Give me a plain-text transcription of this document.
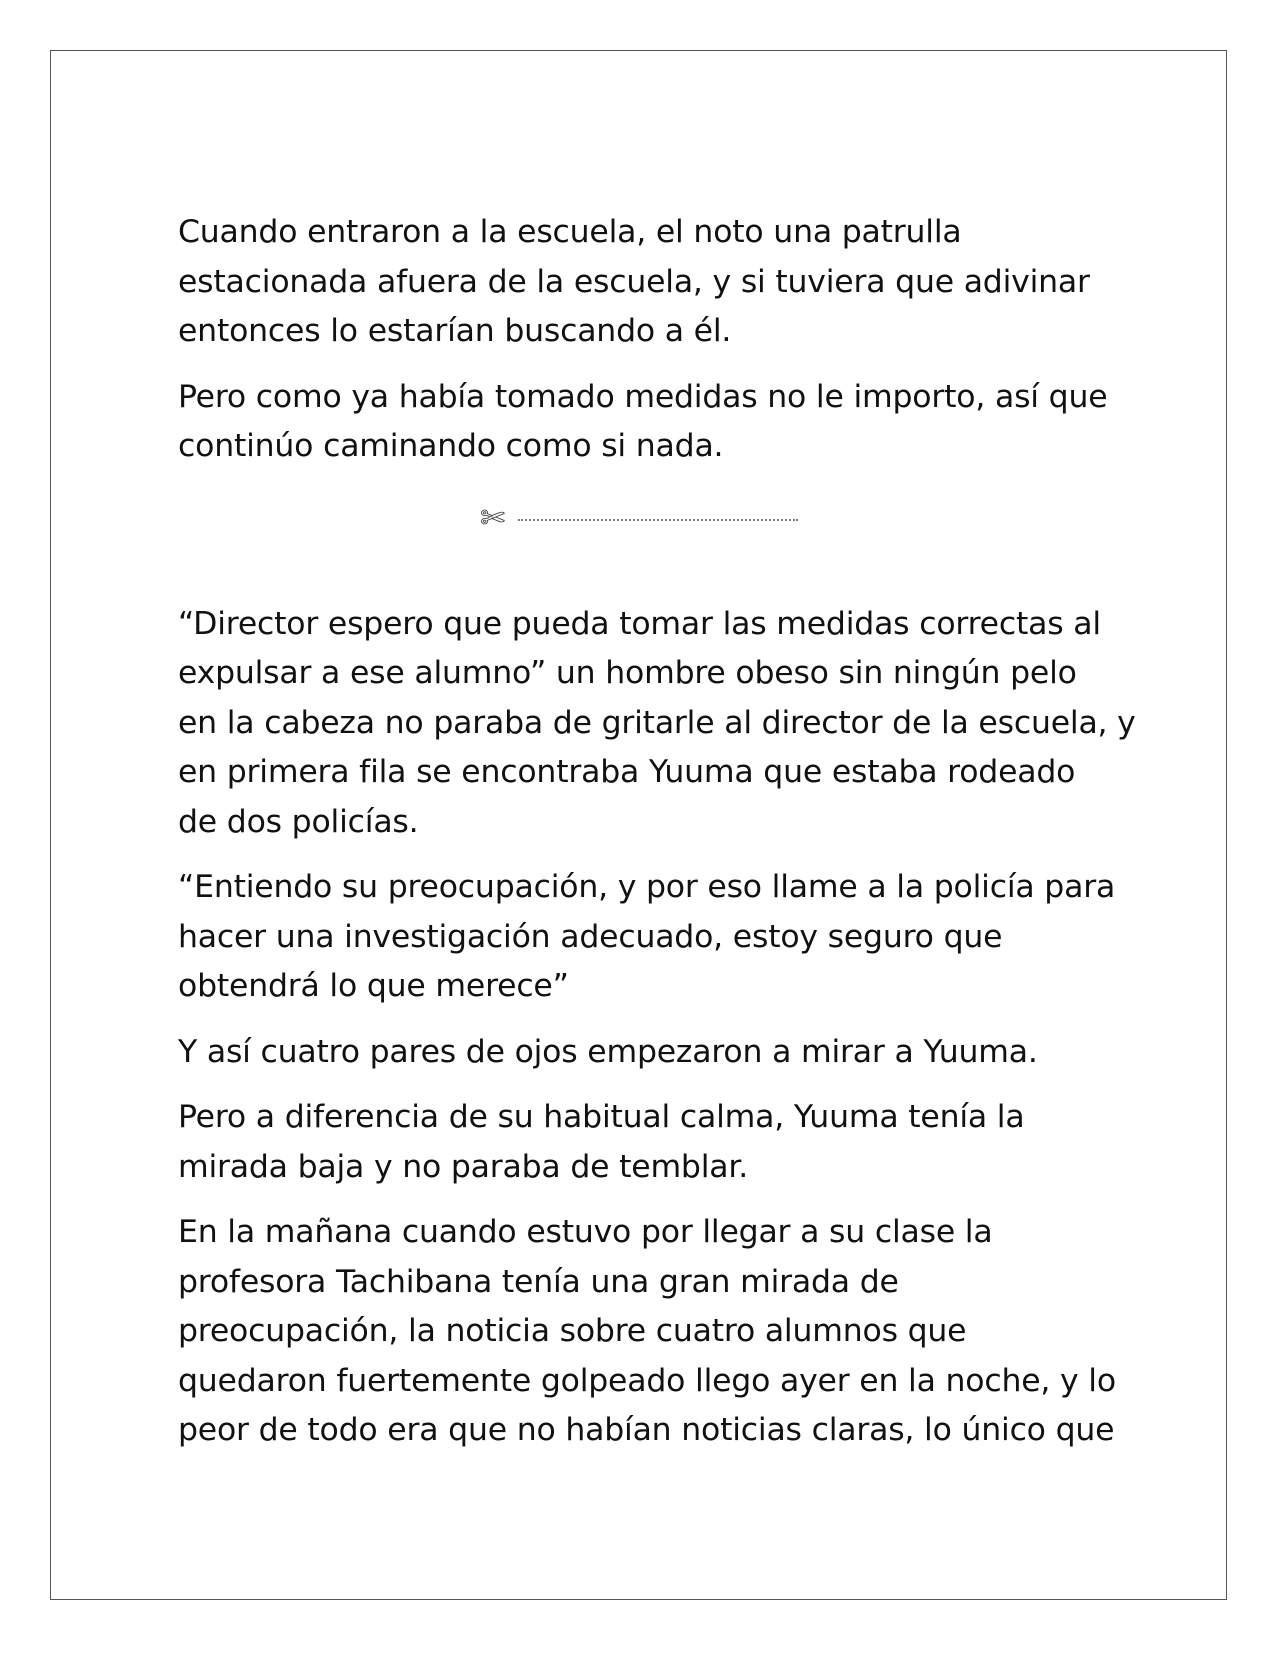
Cuando entraron a la escuela, el noto una patrulla
estacionada afuera de la escuela, y si tuviera que adivinar
entonces lo estarían buscando a él.

Pero como ya había tomado medidas no le importo, así que
continúo caminando como si nada.

✄

“Director espero que pueda tomar las medidas correctas al
expulsar a ese alumno” un hombre obeso sin ningún pelo
en la cabeza no paraba de gritarle al director de la escuela, y
en primera fila se encontraba Yuuma que estaba rodeado
de dos policías.

“Entiendo su preocupación, y por eso llame a la policía para
hacer una investigación adecuado, estoy seguro que
obtendrá lo que merece”

Y así cuatro pares de ojos empezaron a mirar a Yuuma.

Pero a diferencia de su habitual calma, Yuuma tenía la
mirada baja y no paraba de temblar.

En la mañana cuando estuvo por llegar a su clase la
profesora Tachibana tenía una gran mirada de
preocupación, la noticia sobre cuatro alumnos que
quedaron fuertemente golpeado llego ayer en la noche, y lo
peor de todo era que no habían noticias claras, lo único que
